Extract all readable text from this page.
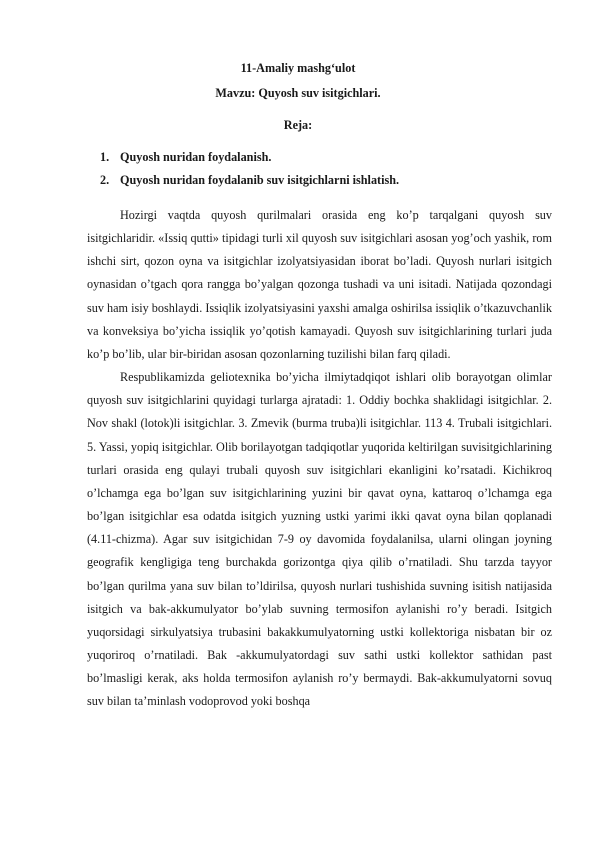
11-Amaliy mashg‘ulot
Mavzu: Quyosh suv isitgichlari.
Reja:
1. Quyosh nuridan foydalanish.
2. Quyosh nuridan foydalanib suv isitgichlarni ishlatish.

Hozirgi vaqtda quyosh qurilmalari orasida eng ko’p tarqalgani quyosh suv isitgichlaridir. «Issiq qutti» tipidagi turli xil quyosh suv isitgichlari asosan yog’och yashik, rom ishchi sirt, qozon oyna va isitgichlar izolyatsiyasidan iborat bo’ladi. Quyosh nurlari isitgich oynasidan o’tgach qora rangga bo’yalgan qozonga tushadi va uni isitadi. Natijada qozondagi suv ham isiy boshlaydi. Issiqlik izolyatsiyasini yaxshi amalga oshirilsa issiqlik o’tkazuvchanlik va konveksiya bo’yicha issiqlik yo’qotish kamayadi. Quyosh suv isitgichlarining turlari juda ko’p bo’lib, ular bir-biridan asosan qozonlarning tuzilishi bilan farq qiladi.

Respublikamizda geliotexnika bo’yicha ilmiytadqiqot ishlari olib borayotgan olimlar quyosh suv isitgichlarini quyidagi turlarga ajratadi: 1. Oddiy bochka shaklidagi isitgichlar. 2. Nov shakl (lotok)li isitgichlar. 3. Zmevik (burma truba)li isitgichlar. 113 4. Trubali isitgichlari. 5. Yassi, yopiq isitgichlar. Olib borilayotgan tadqiqotlar yuqorida keltirilgan suvisitgichlarining turlari orasida eng qulayi trubali quyosh suv isitgichlari ekanligini ko’rsatadi. Kichikroq o’lchamga ega bo’lgan suv isitgichlarining yuzini bir qavat oyna, kattaroq o’lchamga ega bo’lgan isitgichlar esa odatda isitgich yuzning ustki yarimi ikki qavat oyna bilan qoplanadi (4.11-chizma). Agar suv isitgichidan 7-9 oy davomida foydalanilsa, ularni olingan joyning geografik kengligiga teng burchakda gorizontga qiya qilib o’rnatiladi. Shu tarzda tayyor bo’lgan qurilma yana suv bilan to’ldirilsa, quyosh nurlari tushishida suvning isitish natijasida isitgich va bak-akkumulyator bo’ylab suvning termosifon aylanishi ro’y beradi. Isitgich yuqorsidagi sirkulyatsiya trubasini bakakkumulyatorning ustki kollektoriga nisbatan bir oz yuqoriroq o’rnatiladi. Bak -akkumulyatordagi suv sathi ustki kollektor sathidan past bo’lmasligi kerak, aks holda termosifon aylanish ro’y bermaydi. Bak-akkumulyatorni sovuq suv bilan ta’minlash vodoprovod yoki boshqa
